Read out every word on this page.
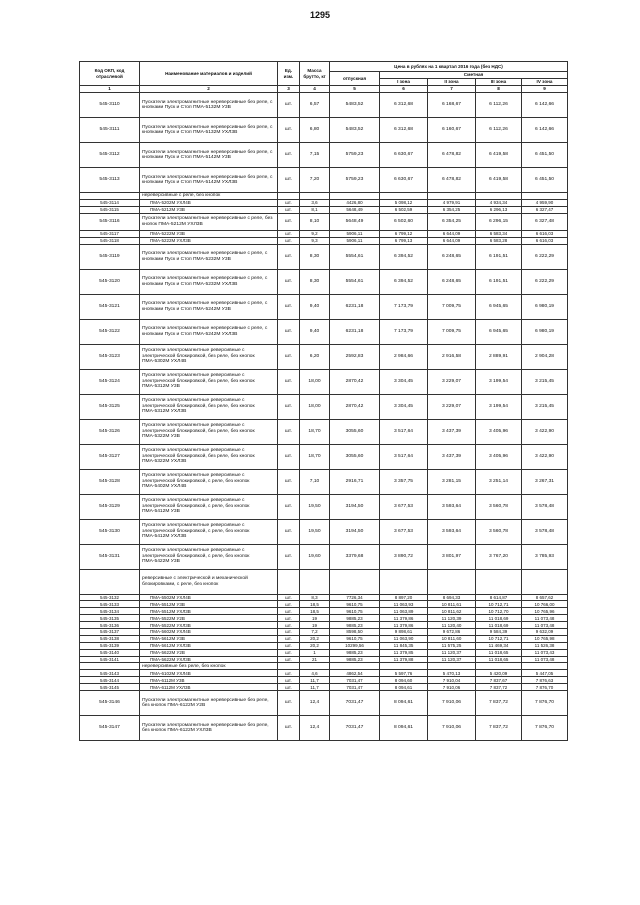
1295
Код ОКП, код отраслевой	Наименование материалов и изделий	Ед. изм.	Масса брутто, кг	Цена в рублях на 1 квартал 2016 года (без НДС)				
				отпускная	Сметная			
					I зона	II зона	III зона	IV зона
1	2	3	4	5	6	7	8	9
545-3110	Пускатели электромагнитные нереверсивные без реле, с кнопками Пуск и Стоп ПМА-5132М У3В	шт.	6,57	5483,52	6 312,68	6 168,67	6 112,26	6 142,66
545-3111	Пускатели электромагнитные нереверсивные без реле, с кнопками Пуск и Стоп ПМА-5132М УХЛ3В	шт.	6,80	5483,52	6 312,68	6 160,67	6 112,26	6 142,66
545-3112	Пускатели электромагнитные нереверсивные без реле, с кнопками Пуск и Стоп ПМА-5142М У3В	шт.	7,15	5759,23	6 630,67	6 478,82	6 419,58	6 451,50
545-3113	Пускатели электромагнитные нереверсивные без реле, с кнопками Пуск и Стоп ПМА-5142М УХЛ3В	шт.	7,20	5759,23	6 630,67	6 478,82	6 419,58	6 451,50
	нереверсивные с реле, без кнопок							
545-3114	ПМА-5202М УХЛ4В	шт.	3,6	4426,80	5 098,12	4 979,91	4 934,34	4 959,90
545-3115	ПМА-5212М У3В	шт.	8,1	5648,49	6 502,59	6 354,25	6 296,13	6 327,47
545-3116	Пускатели электромагнитные нереверсивные с реле, без кнопок ПМА-5212М УХЛ3В	шт.	8,10	5648,49	6 502,60	6 354,25	6 296,15	6 327,48
545-3117	ПМА-5222М У3В	шт.	9,2	5906,11	6 799,12	6 644,09	6 583,34	6 616,03
545-3118	ПМА-5222М УХЛ3В	шт.	9,3	5906,11	6 799,13	6 644,09	6 583,28	6 616,03
545-3119	Пускатели электромагнитные нереверсивные с реле, с кнопками Пуск и Стоп ПМА-5232М У3В	шт.	8,30	5554,61	6 394,52	6 248,65	6 191,51	6 222,29
545-3120	Пускатели электромагнитные нереверсивные с реле, с кнопками Пуск и Стоп ПМА-5232М УХЛ3В	шт.	8,30	5554,61	6 394,52	6 248,65	6 191,51	6 222,29
545-3121	Пускатели электромагнитные нереверсивные с реле, с кнопками Пуск и Стоп ПМА-5242М У3В	шт.	9,40	6231,18	7 173,79	7 009,75	6 945,65	6 980,19
545-3122	Пускатели электромагнитные нереверсивные с реле, с кнопками Пуск и Стоп ПМА-5242М УХЛ3В	шт.	9,40	6231,18	7 173,79	7 009,75	6 945,65	6 980,19
545-3123	Пускатели электромагнитные реверсивные с электрической блокировкой, без реле, без кнопок ПМА-5302М УХЛ4В	шт.	6,20	2592,83	2 984,66	2 916,58	2 889,91	2 904,28
545-3124	Пускатели электромагнитные реверсивные с электрической блокировкой, без реле, без кнопок ПМА-5312М У3В	шт.	18,00	2870,42	3 304,45	3 229,07	3 199,54	3 215,45
545-3125	Пускатели электромагнитные реверсивные с электрической блокировкой, без реле, без кнопок ПМА-5312М УХЛ3В	шт.	18,00	2870,42	3 304,45	3 229,07	3 199,54	3 215,45
545-3126	Пускатели электромагнитные реверсивные с электрической блокировкой, без реле, без кнопок ПМА-5322М У3В	шт.	18,70	3055,60	3 517,64	3 437,39	3 405,96	3 422,90
545-3127	Пускатели электромагнитные реверсивные с электрической блокировкой, без реле, без кнопок ПМА-5322М УХЛ3В	шт.	18,70	3055,60	3 517,64	3 437,39	3 405,96	3 422,90
545-3128	Пускатели электромагнитные реверсивные с электрической блокировкой, с реле, без кнопок ПМА-5402М УХЛ4В	шт.	7,10	2916,71	3 357,75	3 281,15	3 251,14	3 267,31
545-3129	Пускатели электромагнитные реверсивные с электрической блокировкой, с реле, без кнопок ПМА-5412М У3В	шт.	19,50	3194,50	3 677,53	3 593,64	3 560,78	3 578,48
545-3130	Пускатели электромагнитные реверсивные с электрической блокировкой, с реле, без кнопок ПМА-5412М УХЛ3В	шт.	19,50	3194,50	3 677,53	3 593,64	3 560,78	3 578,48
545-3131	Пускатели электромагнитные реверсивные с электрической блокировкой, с реле, без кнопок ПМА-5422М У3В	шт.	19,60	3379,68	3 890,72	3 801,97	3 767,20	3 785,93
	реверсивные с электрической и механической блокировками, с реле, без кнопок							
545-3132	ПМА-5502М УХЛ4В	шт.	8,3	7726,34	8 897,20	8 694,33	8 614,87	8 657,62
545-3133	ПМА-5512М У3В	шт.	18,5	9610,75	11 063,93	10 811,61	10 712,71	10 766,00
545-3134	ПМА-5512М УХЛ3В	шт.	18,5	9610,75	11 063,89	10 811,62	10 712,70	10 765,96
545-3135	ПМА-5522М У2В	шт.	19	9885,23	11 379,86	11 120,39	11 018,69	11 073,48
545-3136	ПМА-5522М УХЛ3В	шт.	19	9885,23	11 379,86	11 120,40	11 018,69	11 073,48
545-3137	ПМА-5602М УХЛ4В	шт.	7,2	8598,50	9 898,61	9 672,86	9 584,39	9 632,09
545-3138	ПМА-5612М У3В	шт.	20,2	9610,75	11 063,90	10 811,60	10 712,71	10 765,98
545-3139	ПМА-5612М УХЛ3В	шт.	20,2	10299,56	11 845,35	11 575,25	11 469,34	11 526,38
545-3140	ПМА-5622М У2В	шт.	1	9885,23	11 379,85	11 120,37	11 018,65	11 073,43
545-3141	ПМА-5622М УХЛ3В	шт.	21	9885,23	11 379,88	11 120,37	11 018,65	11 073,48
	нереверсивные без реле, без кнопок							
545-3143	ПМА-6102М УХЛ4В	шт.	4,6	4862,54	5 597,76	5 470,13	5 420,09	5 447,05
545-3144	ПМА-6112М У3В	шт.	11,7	7031,47	8 094,60	7 910,04	7 837,67	7 876,63
545-3145	ПМА-6112М УХЛ3В	шт.	11,7	7031,47	8 094,61	7 910,06	7 837,72	7 876,70
545-3146	Пускатели электромагнитные нереверсивные без реле, без кнопок ПМА-6122М У2В	шт.	12,4	7031,47	8 094,61	7 910,06	7 837,72	7 876,70
545-3147	Пускатели электромагнитные нереверсивные без реле, без кнопок ПМА-6122М УХЛ3В	шт.	12,4	7031,47	8 094,61	7 910,06	7 837,72	7 876,70
